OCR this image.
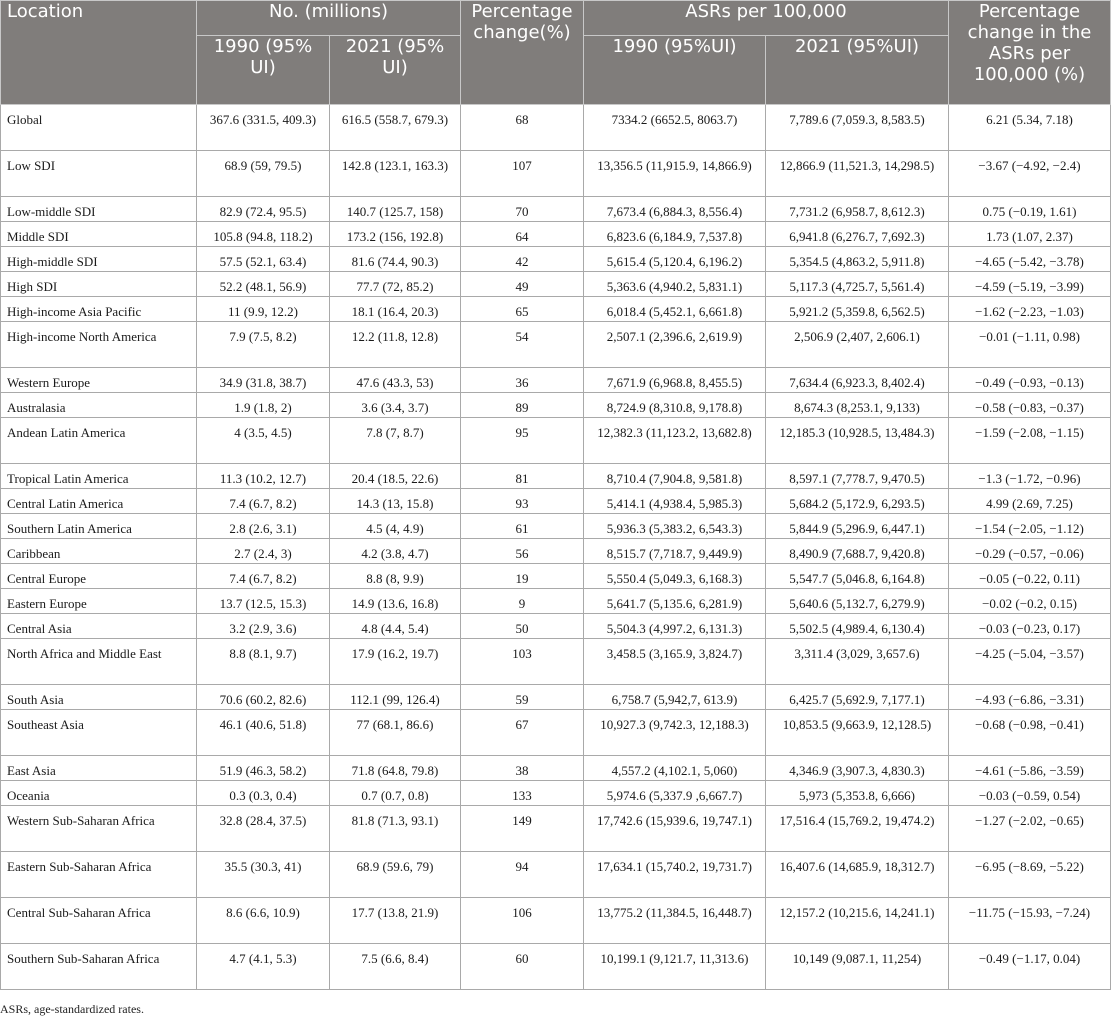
Location	No. (millions)		Percentage change(%)	ASRs per 100,000		Percentage change in the ASRs per 100,000 (%)
	1990 (95% UI)	2021 (95% UI)		1990 (95%UI)	2021 (95%UI)	
Global	367.6 (331.5, 409.3)	616.5 (558.7, 679.3)	68	7334.2 (6652.5, 8063.7)	7,789.6 (7,059.3, 8,583.5)	6.21 (5.34, 7.18)
Low SDI	68.9 (59, 79.5)	142.8 (123.1, 163.3)	107	13,356.5 (11,915.9, 14,866.9)	12,866.9 (11,521.3, 14,298.5)	−3.67 (−4.92, −2.4)
Low-middle SDI	82.9 (72.4, 95.5)	140.7 (125.7, 158)	70	7,673.4 (6,884.3, 8,556.4)	7,731.2 (6,958.7, 8,612.3)	0.75 (−0.19, 1.61)
Middle SDI	105.8 (94.8, 118.2)	173.2 (156, 192.8)	64	6,823.6 (6,184.9, 7,537.8)	6,941.8 (6,276.7, 7,692.3)	1.73 (1.07, 2.37)
High-middle SDI	57.5 (52.1, 63.4)	81.6 (74.4, 90.3)	42	5,615.4 (5,120.4, 6,196.2)	5,354.5 (4,863.2, 5,911.8)	−4.65 (−5.42, −3.78)
High SDI	52.2 (48.1, 56.9)	77.7 (72, 85.2)	49	5,363.6 (4,940.2, 5,831.1)	5,117.3 (4,725.7, 5,561.4)	−4.59 (−5.19, −3.99)
High-income Asia Pacific	11 (9.9, 12.2)	18.1 (16.4, 20.3)	65	6,018.4 (5,452.1, 6,661.8)	5,921.2 (5,359.8, 6,562.5)	−1.62 (−2.23, −1.03)
High-income North America	7.9 (7.5, 8.2)	12.2 (11.8, 12.8)	54	2,507.1 (2,396.6, 2,619.9)	2,506.9 (2,407, 2,606.1)	−0.01 (−1.11, 0.98)
Western Europe	34.9 (31.8, 38.7)	47.6 (43.3, 53)	36	7,671.9 (6,968.8, 8,455.5)	7,634.4 (6,923.3, 8,402.4)	−0.49 (−0.93, −0.13)
Australasia	1.9 (1.8, 2)	3.6 (3.4, 3.7)	89	8,724.9 (8,310.8, 9,178.8)	8,674.3 (8,253.1, 9,133)	−0.58 (−0.83, −0.37)
Andean Latin America	4 (3.5, 4.5)	7.8 (7, 8.7)	95	12,382.3 (11,123.2, 13,682.8)	12,185.3 (10,928.5, 13,484.3)	−1.59 (−2.08, −1.15)
Tropical Latin America	11.3 (10.2, 12.7)	20.4 (18.5, 22.6)	81	8,710.4 (7,904.8, 9,581.8)	8,597.1 (7,778.7, 9,470.5)	−1.3 (−1.72, −0.96)
Central Latin America	7.4 (6.7, 8.2)	14.3 (13, 15.8)	93	5,414.1 (4,938.4, 5,985.3)	5,684.2 (5,172.9, 6,293.5)	4.99 (2.69, 7.25)
Southern Latin America	2.8 (2.6, 3.1)	4.5 (4, 4.9)	61	5,936.3 (5,383.2, 6,543.3)	5,844.9 (5,296.9, 6,447.1)	−1.54 (−2.05, −1.12)
Caribbean	2.7 (2.4, 3)	4.2 (3.8, 4.7)	56	8,515.7 (7,718.7, 9,449.9)	8,490.9 (7,688.7, 9,420.8)	−0.29 (−0.57, −0.06)
Central Europe	7.4 (6.7, 8.2)	8.8 (8, 9.9)	19	5,550.4 (5,049.3, 6,168.3)	5,547.7 (5,046.8, 6,164.8)	−0.05 (−0.22, 0.11)
Eastern Europe	13.7 (12.5, 15.3)	14.9 (13.6, 16.8)	9	5,641.7 (5,135.6, 6,281.9)	5,640.6 (5,132.7, 6,279.9)	−0.02 (−0.2, 0.15)
Central Asia	3.2 (2.9, 3.6)	4.8 (4.4, 5.4)	50	5,504.3 (4,997.2, 6,131.3)	5,502.5 (4,989.4, 6,130.4)	−0.03 (−0.23, 0.17)
North Africa and Middle East	8.8 (8.1, 9.7)	17.9 (16.2, 19.7)	103	3,458.5 (3,165.9, 3,824.7)	3,311.4 (3,029, 3,657.6)	−4.25 (−5.04, −3.57)
South Asia	70.6 (60.2, 82.6)	112.1 (99, 126.4)	59	6,758.7 (5,942,7, 613.9)	6,425.7 (5,692.9, 7,177.1)	−4.93 (−6.86, −3.31)
Southeast Asia	46.1 (40.6, 51.8)	77 (68.1, 86.6)	67	10,927.3 (9,742.3, 12,188.3)	10,853.5 (9,663.9, 12,128.5)	−0.68 (−0.98, −0.41)
East Asia	51.9 (46.3, 58.2)	71.8 (64.8, 79.8)	38	4,557.2 (4,102.1, 5,060)	4,346.9 (3,907.3, 4,830.3)	−4.61 (−5.86, −3.59)
Oceania	0.3 (0.3, 0.4)	0.7 (0.7, 0.8)	133	5,974.6 (5,337.9 ,6,667.7)	5,973 (5,353.8, 6,666)	−0.03 (−0.59, 0.54)
Western Sub-Saharan Africa	32.8 (28.4, 37.5)	81.8 (71.3, 93.1)	149	17,742.6 (15,939.6, 19,747.1)	17,516.4 (15,769.2, 19,474.2)	−1.27 (−2.02, −0.65)
Eastern Sub-Saharan Africa	35.5 (30.3, 41)	68.9 (59.6, 79)	94	17,634.1 (15,740.2, 19,731.7)	16,407.6 (14,685.9, 18,312.7)	−6.95 (−8.69, −5.22)
Central Sub-Saharan Africa	8.6 (6.6, 10.9)	17.7 (13.8, 21.9)	106	13,775.2 (11,384.5, 16,448.7)	12,157.2 (10,215.6, 14,241.1)	−11.75 (−15.93, −7.24)
Southern Sub-Saharan Africa	4.7 (4.1, 5.3)	7.5 (6.6, 8.4)	60	10,199.1 (9,121.7, 11,313.6)	10,149 (9,087.1, 11,254)	−0.49 (−1.17, 0.04)
ASRs, age-standardized rates.
